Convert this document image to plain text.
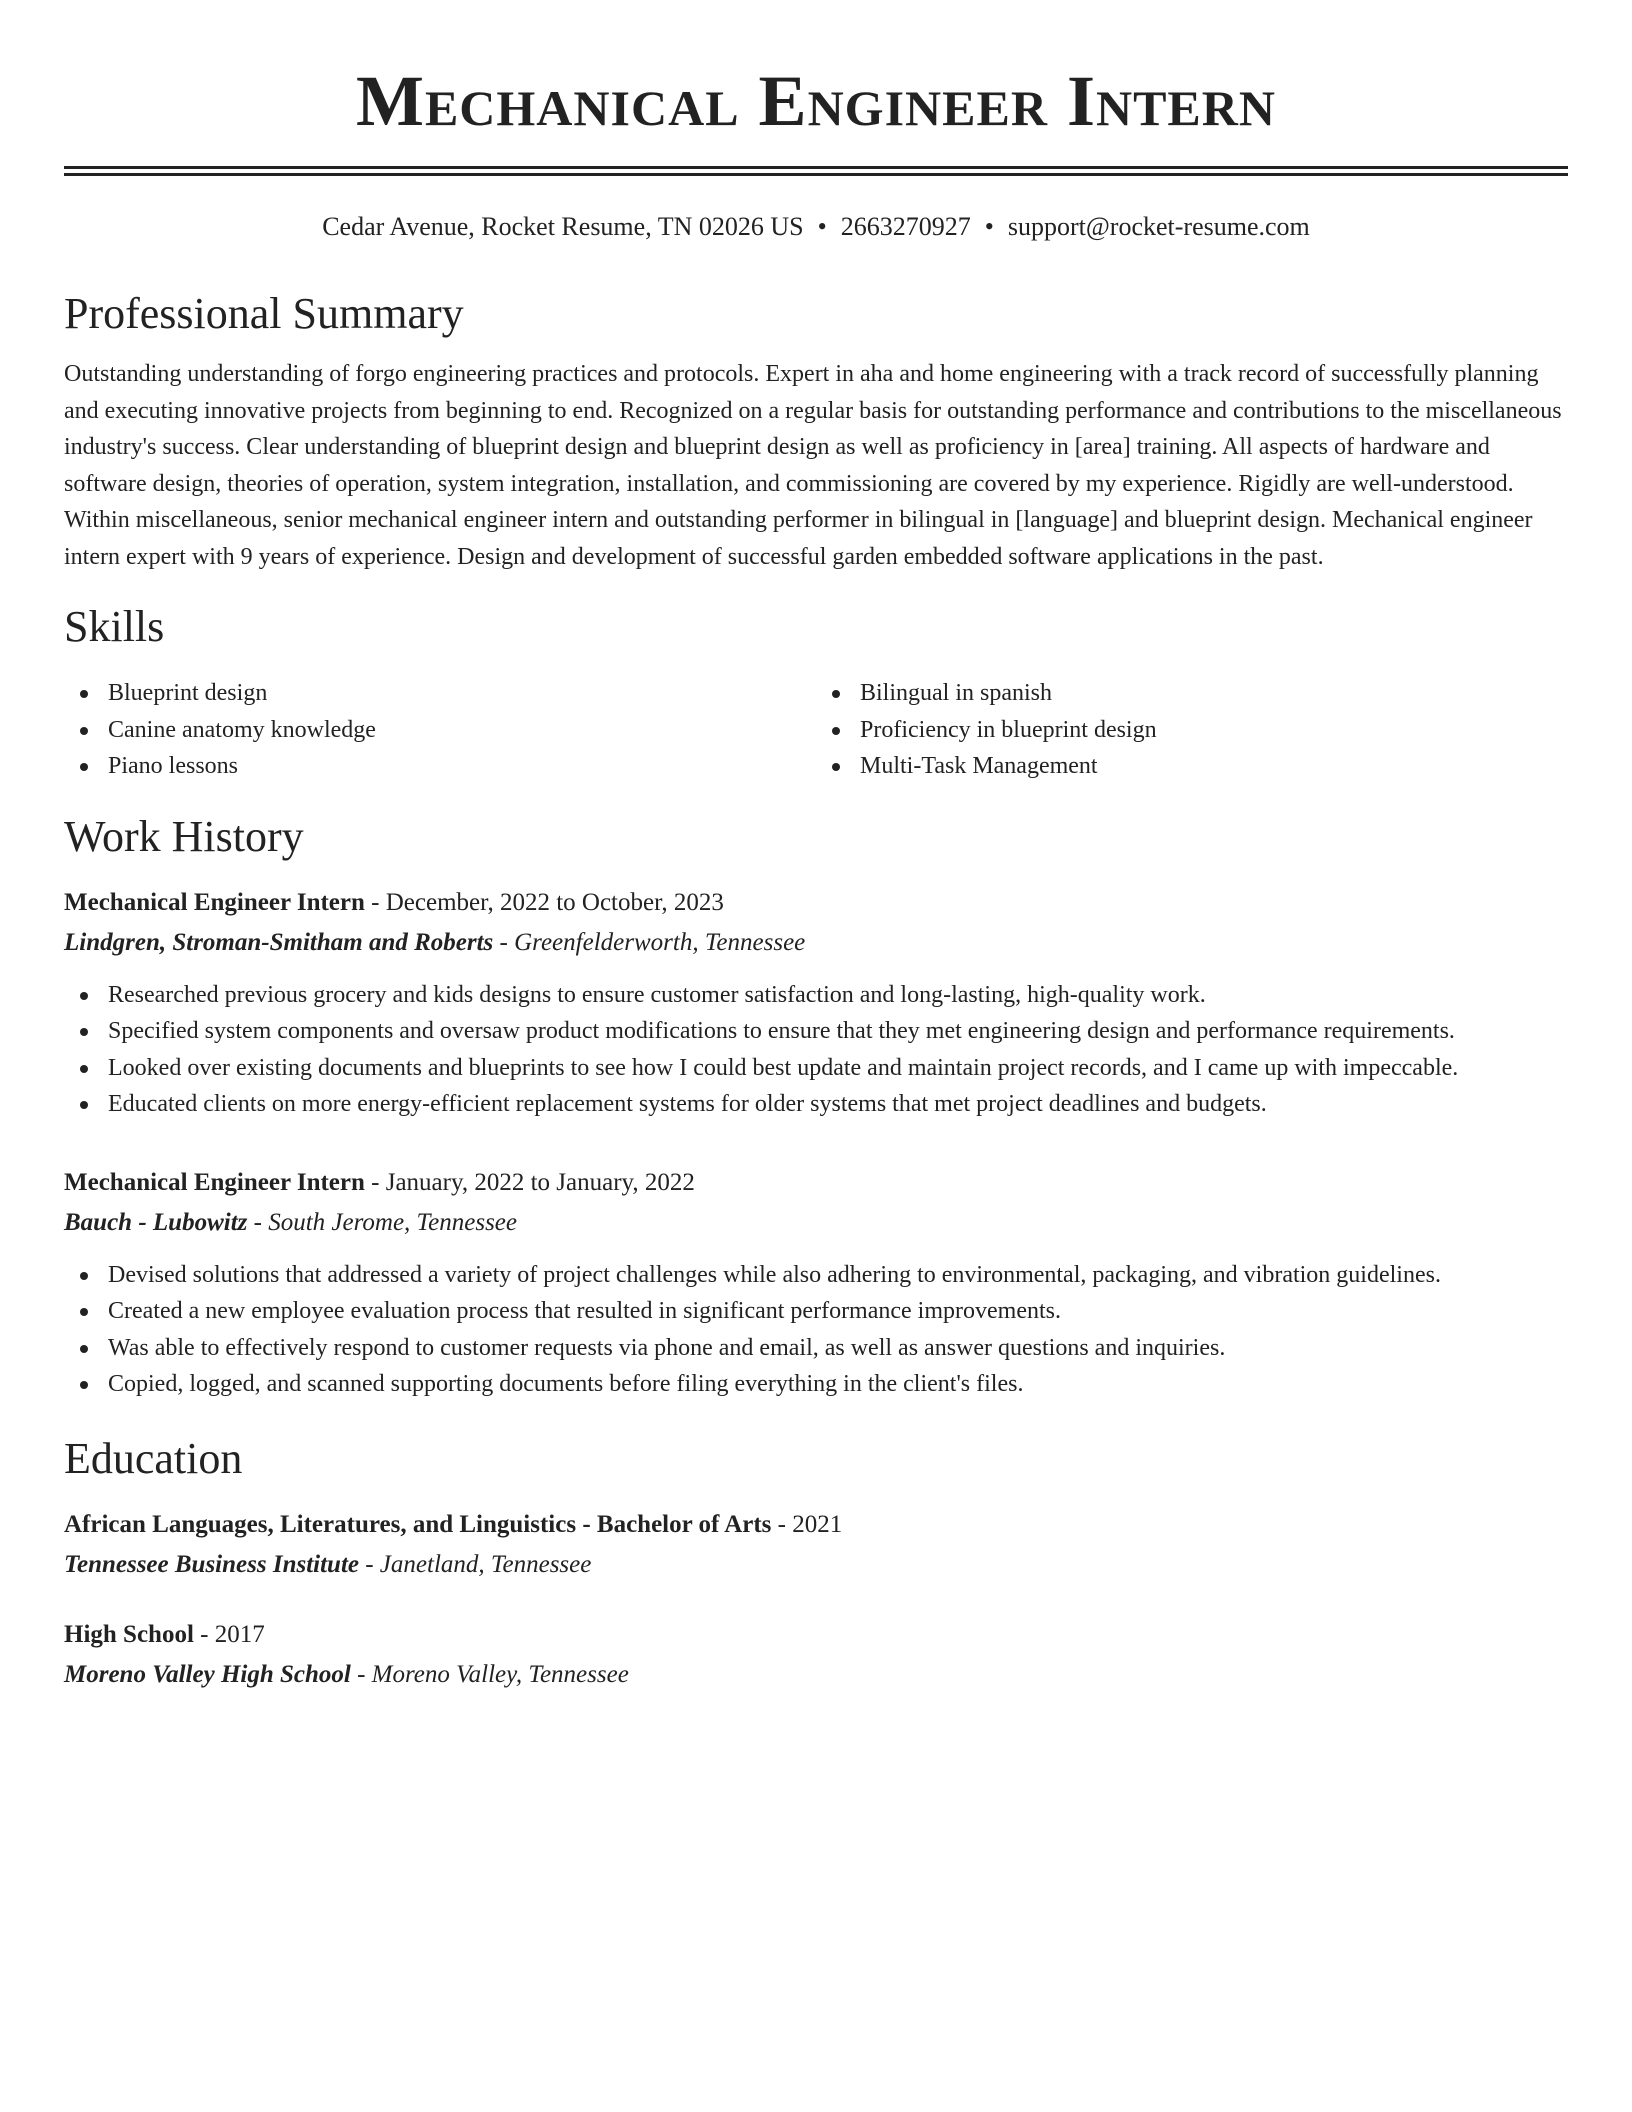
Mechanical Engineer Intern
Cedar Avenue, Rocket Resume, TN 02026 US • 2663270927 • support@rocket-resume.com
Professional Summary
Outstanding understanding of forgo engineering practices and protocols. Expert in aha and home engineering with a track record of successfully planning and executing innovative projects from beginning to end. Recognized on a regular basis for outstanding performance and contributions to the miscellaneous industry's success. Clear understanding of blueprint design and blueprint design as well as proficiency in [area] training. All aspects of hardware and software design, theories of operation, system integration, installation, and commissioning are covered by my experience. Rigidly are well-understood. Within miscellaneous, senior mechanical engineer intern and outstanding performer in bilingual in [language] and blueprint design. Mechanical engineer intern expert with 9 years of experience. Design and development of successful garden embedded software applications in the past.
Skills
Blueprint design
Canine anatomy knowledge
Piano lessons
Bilingual in spanish
Proficiency in blueprint design
Multi-Task Management
Work History
Mechanical Engineer Intern - December, 2022 to October, 2023
Lindgren, Stroman-Smitham and Roberts - Greenfelderworth, Tennessee
Researched previous grocery and kids designs to ensure customer satisfaction and long-lasting, high-quality work.
Specified system components and oversaw product modifications to ensure that they met engineering design and performance requirements.
Looked over existing documents and blueprints to see how I could best update and maintain project records, and I came up with impeccable.
Educated clients on more energy-efficient replacement systems for older systems that met project deadlines and budgets.
Mechanical Engineer Intern - January, 2022 to January, 2022
Bauch - Lubowitz - South Jerome, Tennessee
Devised solutions that addressed a variety of project challenges while also adhering to environmental, packaging, and vibration guidelines.
Created a new employee evaluation process that resulted in significant performance improvements.
Was able to effectively respond to customer requests via phone and email, as well as answer questions and inquiries.
Copied, logged, and scanned supporting documents before filing everything in the client's files.
Education
African Languages, Literatures, and Linguistics - Bachelor of Arts - 2021
Tennessee Business Institute - Janetland, Tennessee
High School - 2017
Moreno Valley High School - Moreno Valley, Tennessee
